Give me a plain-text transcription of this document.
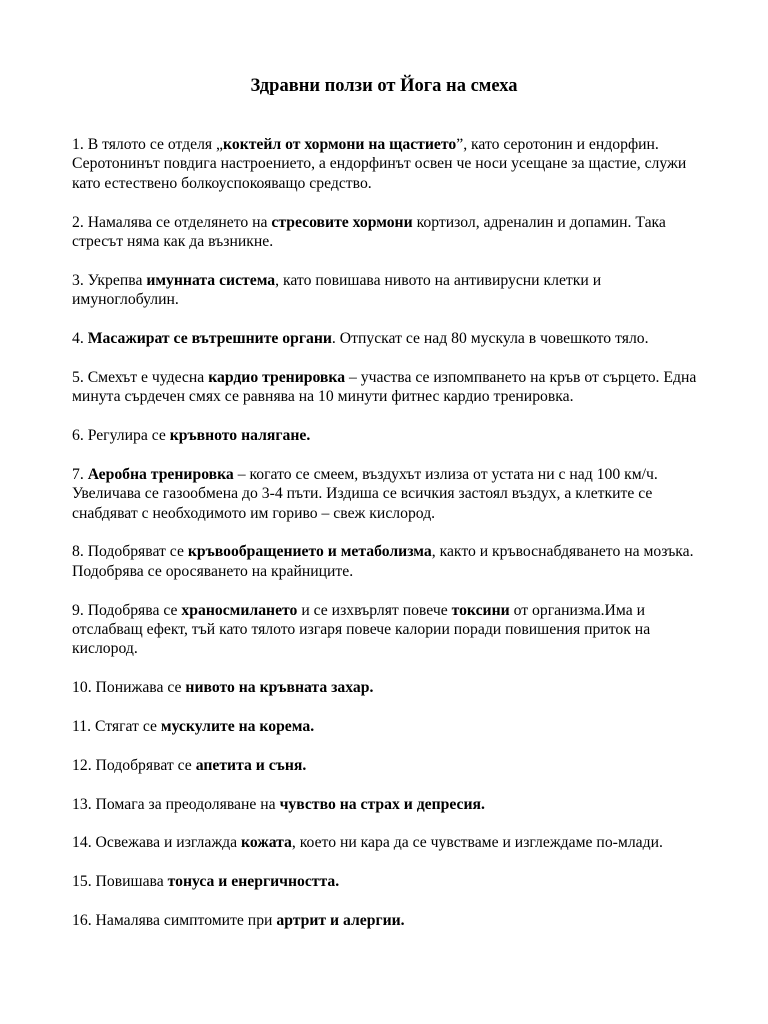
Здравни ползи от Йога на смеха
1. В тялото се отделя „коктейл от хормони на щастието”, като серотонин и ендорфин. Серотонинът повдига настроението, а ендорфинът освен че носи усещане за щастие, служи като естествено болкоуспокояващо средство.
2. Намалява се отделянето на стресовите хормони кортизол, адреналин и допамин. Така стресът няма как да възникне.
3. Укрепва имунната система, като повишава нивото на антивирусни клетки и имуноглобулин.
4. Масажират се вътрешните органи. Отпускат се над 80 мускула в човешкото тяло.
5. Смехът е чудесна кардио тренировка – участва се изпомпването на кръв от сърцето. Една минута сърдечен смях се равнява на 10 минути фитнес кардио тренировка.
6. Регулира се кръвното налягане.
7. Аеробна тренировка – когато се смеем, въздухът излиза от устата ни с над 100 км/ч. Увеличава се газообмена до 3-4 пъти. Издиша се всичкия застоял въздух, а клетките се снабдяват с необходимото им гориво – свеж кислород.
8. Подобряват се кръвообращението и метаболизма, както и кръвоснабдяването на мозъка. Подобрява се оросяването на крайниците.
9. Подобрява се храносмилането и се изхвърлят повече токсини от организма.Има и отслабващ ефект, тъй като тялото изгаря повече калории поради повишения приток на кислород.
10. Понижава се нивото на кръвната захар.
11. Стягат се мускулите на корема.
12. Подобряват се апетита и съня.
13. Помага за преодоляване на чувство на страх и депресия.
14. Освежава и изглажда кожата, което ни кара да се чувстваме и изглеждаме по-млади.
15. Повишава тонуса и енергичността.
16. Намалява симптомите при артрит и алергии.
